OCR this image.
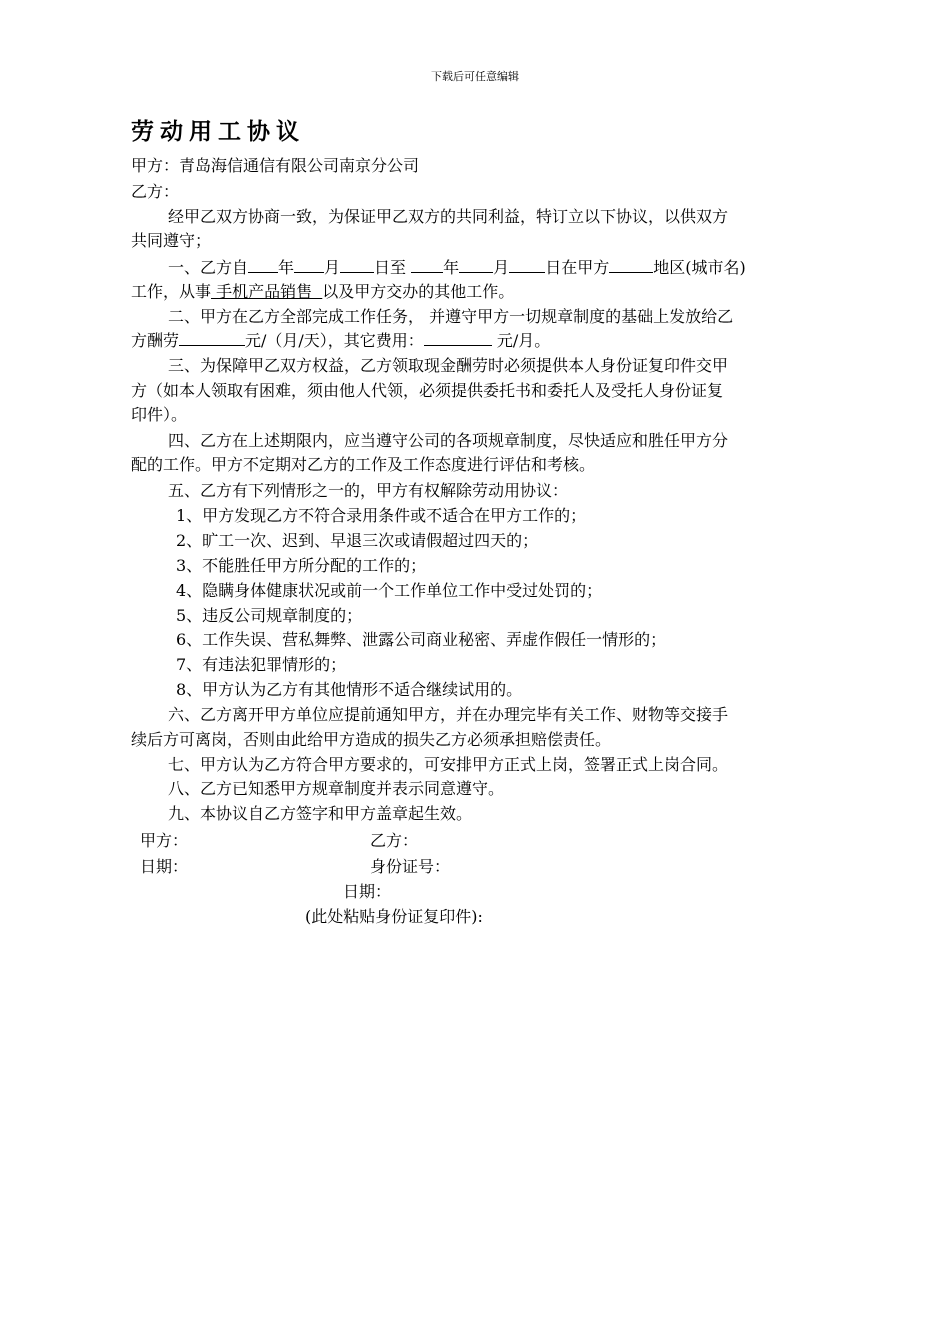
下载后可任意编辑
劳动用工协议
甲方：青岛海信通信有限公司南京分公司
乙方：
经甲乙双方协商一致，为保证甲乙双方的共同利益，特订立以下协议，以供双方
共同遵守；
一、乙方自 年 月 日至 年 月 日在甲方	地区(城市名)
工作，从事 手机产品销售  以及甲方交办的其他工作。
二、甲方在乙方全部完成工作任务， 并遵守甲方一切规章制度的基础上发放给乙
方酬劳	元/（月/天），其它费用：	元/月。
三、为保障甲乙双方权益，乙方领取现金酬劳时必须提供本人身份证复印件交甲
方（如本人领取有困难，须由他人代领，必须提供委托书和委托人及受托人身份证复
印件）。
四、乙方在上述期限内，应当遵守公司的各项规章制度，尽快适应和胜任甲方分
配的工作。甲方不定期对乙方的工作及工作态度进行评估和考核。
五、乙方有下列情形之一的，甲方有权解除劳动用协议：
1、甲方发现乙方不符合录用条件或不适合在甲方工作的；
2、旷工一次、迟到、早退三次或请假超过四天的；
3、不能胜任甲方所分配的工作的；
4、隐瞒身体健康状况或前一个工作单位工作中受过处罚的；
5、违反公司规章制度的；
6、工作失误、营私舞弊、泄露公司商业秘密、弄虚作假任一情形的；
7、有违法犯罪情形的；
8、甲方认为乙方有其他情形不适合继续试用的。
六、乙方离开甲方单位应提前通知甲方，并在办理完毕有关工作、财物等交接手
续后方可离岗，否则由此给甲方造成的损失乙方必须承担赔偿责任。
七、甲方认为乙方符合甲方要求的，可安排甲方正式上岗，签署正式上岗合同。
八、乙方已知悉甲方规章制度并表示同意遵守。
九、本协议自乙方签字和甲方盖章起生效。
甲方：	乙方：
日期：	身份证号：
日期：
(此处粘贴身份证复印件):
